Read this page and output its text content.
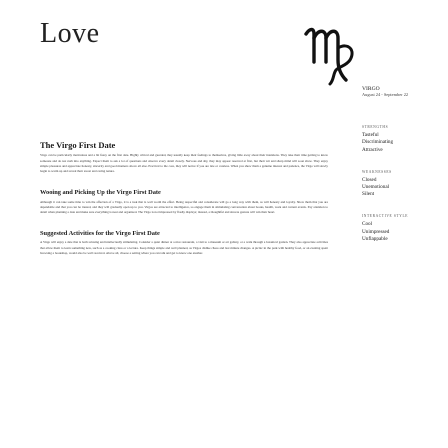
Love

The Virgo First Date

Virgo can be particularly meticulous and a bit fussy on the first date. Highly critical and guarded, they usually keep their feelings to themselves, giving little away about their intentions. They take their time getting to know someone and do not rush into anything. Expect them to ask a lot of questions and observe every detail closely. Nervous and shy, they may appear reserved at first, but their wit and sharp mind will soon show. They enjoy simple pleasures and appreciate honesty, sincerity and good manners above all else. Practical to the core, they will notice if you are late or careless. When you show them a genuine interest and patience, the Virgo will slowly begin to warm up and reveal their sweet and caring nature.

Wooing and Picking Up the Virgo First Date

Although it can take some time to win the affection of a Virgo, it is a task that is well worth the effort. Being respectful and considerate will go a long way with them, as will honesty and loyalty. Show them that you are dependable and that you can be trusted, and they will gradually open up to you. Virgos are attracted to intelligence, so engage them in stimulating conversation about books, health, work and current events. Pay attention to detail when planning a date and make sure everything is neat and organized. The Virgo is not impressed by flashy displays; instead, a thoughtful and sincere gesture will win their heart.

Suggested Activities for the Virgo First Date

A Virgo will enjoy a date that is both relaxing and intellectually stimulating. Consider a quiet dinner at a nice restaurant, a visit to a museum or art gallery, or a walk through a botanical garden. They also appreciate activities that allow them to learn something new, such as a cooking class or a lecture. Keep things simple and well planned, as Virgos dislike chaos and last minute changes. A picnic in the park with healthy food, or an evening spent browsing a bookshop, would also be well received. Above all, choose a setting where you can talk and get to know one another.

VIRGO

August 24 - September 22

STRENGTHS

Tasteful
Discriminating
Attractive

WEAKNESSES

Closed
Unemotional
Silent

INTERACTIVE STYLE

Cool
Unimpressed
Unflappable
